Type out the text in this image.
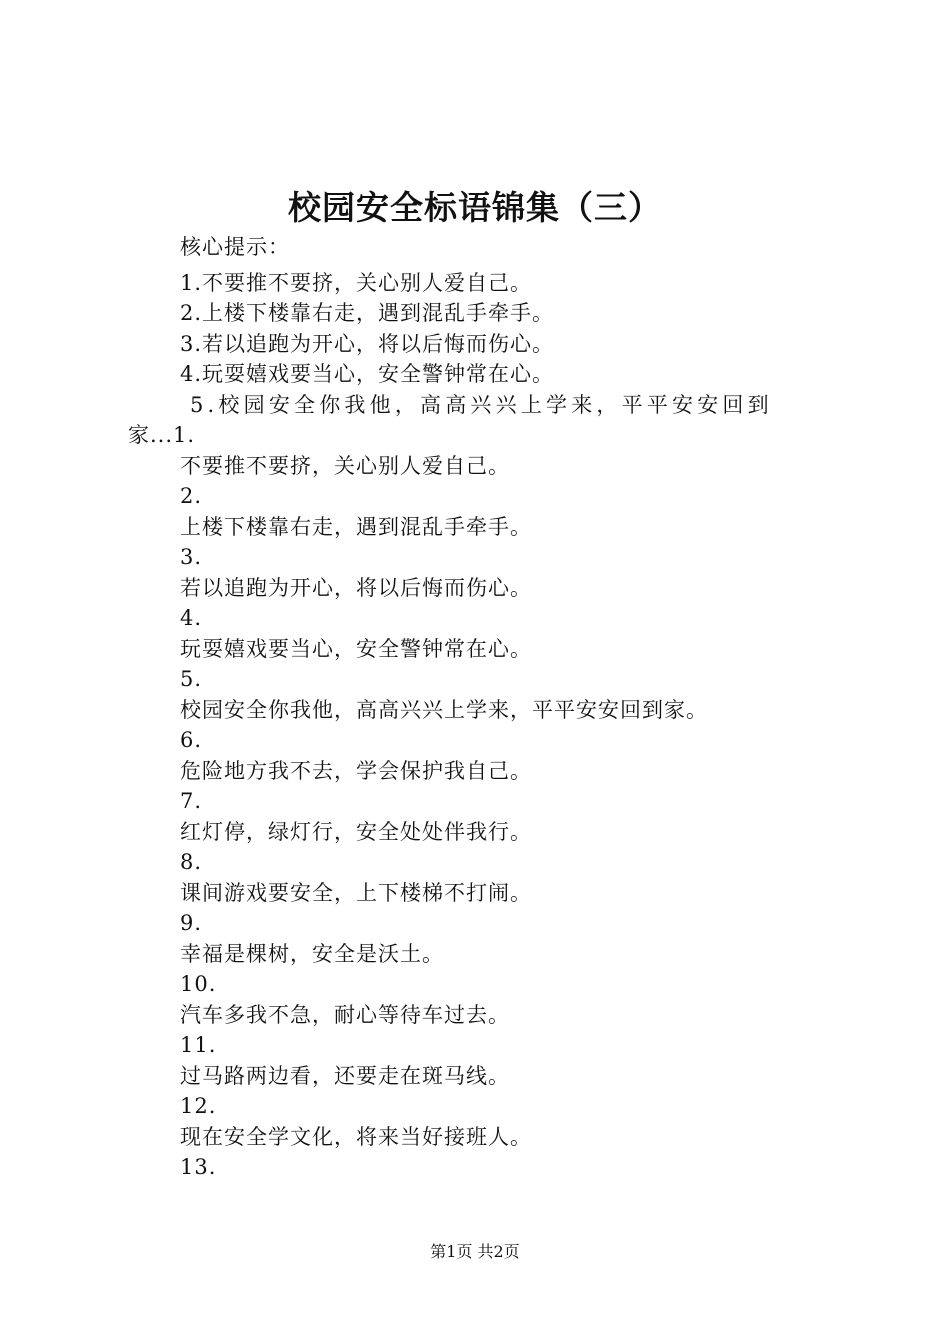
校园安全标语锦集（三）
核心提示：
1.不要推不要挤，关心别人爱自己。
2.上楼下楼靠右走，遇到混乱手牵手。
3.若以追跑为开心，将以后悔而伤心。
4.玩耍嬉戏要当心，安全警钟常在心。
5.校园安全你我他，高高兴兴上学来，平平安安回到
家...1.
不要推不要挤，关心别人爱自己。
2.
上楼下楼靠右走，遇到混乱手牵手。
3.
若以追跑为开心，将以后悔而伤心。
4.
玩耍嬉戏要当心，安全警钟常在心。
5.
校园安全你我他，高高兴兴上学来，平平安安回到家。
6.
危险地方我不去，学会保护我自己。
7.
红灯停，绿灯行，安全处处伴我行。
8.
课间游戏要安全，上下楼梯不打闹。
9.
幸福是棵树，安全是沃土。
10.
汽车多我不急，耐心等待车过去。
11.
过马路两边看，还要走在斑马线。
12.
现在安全学文化，将来当好接班人。
13.
第1页 共2页
